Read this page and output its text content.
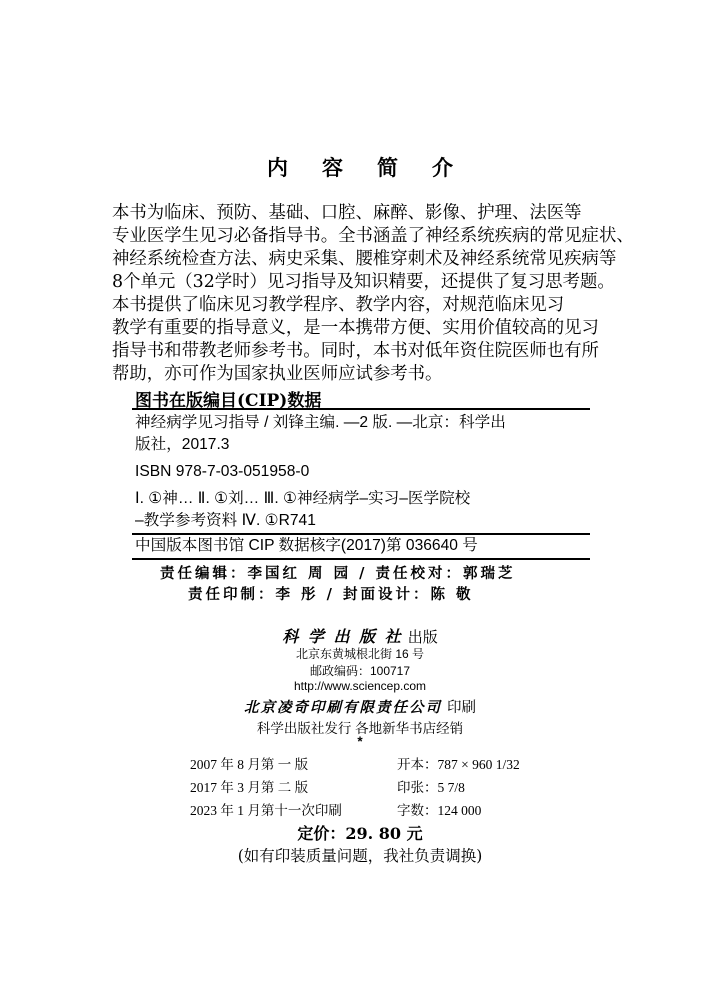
内容简介
本书为临床、预防、基础、口腔、麻醉、影像、护理、法医等
专业医学生见习必备指导书。全书涵盖了神经系统疾病的常见症状、
神经系统检查方法、病史采集、腰椎穿刺术及神经系统常见疾病等
8个单元（32学时）见习指导及知识精要，还提供了复习思考题。
本书提供了临床见习教学程序、教学内容，对规范临床见习
教学有重要的指导意义，是一本携带方便、实用价值较高的见习
指导书和带教老师参考书。同时，本书对低年资住院医师也有所
帮助，亦可作为国家执业医师应试参考书。
图书在版编目(CIP)数据
神经病学见习指导 / 刘锋主编. —2 版. —北京：科学出
版社，2017.3
ISBN 978-7-03-051958-0
Ⅰ. ①神… Ⅱ. ①刘… Ⅲ. ①神经病学–实习–医学院校
–教学参考资料 Ⅳ. ①R741
中国版本图书馆 CIP 数据核字(2017)第 036640 号
责任编辑：李国红 周 园 / 责任校对：郭瑞芝
责任印制：李 彤 / 封面设计：陈 敬
科 学 出 版 社 出版
北京东黄城根北街 16 号
邮政编码：100717
http://www.sciencep.com
北京凌奇印刷有限责任公司 印刷
科学出版社发行 各地新华书店经销
*
2007 年 8 月第 一 版	开本：787 × 960 1/32
2017 年 3 月第 二 版	印张：5 7/8
2023 年 1 月第十一次印刷	字数：124 000
定价：29. 80 元
(如有印装质量问题，我社负责调换)
